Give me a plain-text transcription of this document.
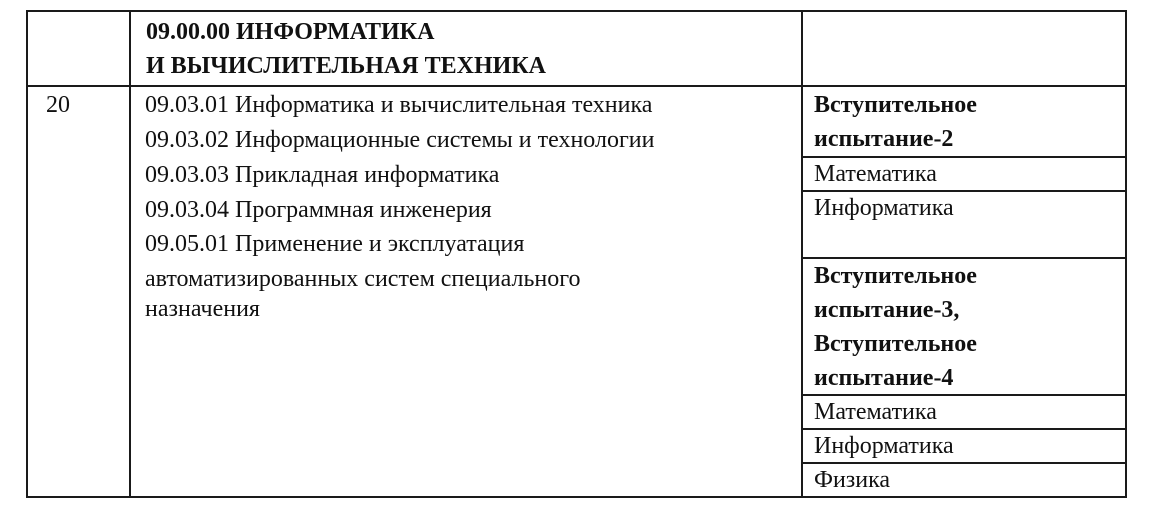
09.00.00 ИНФОРМАТИКА
И ВЫЧИСЛИТЕЛЬНАЯ ТЕХНИКА
20	09.03.01 Информатика и вычислительная техника
09.03.02 Информационные системы и технологии
09.03.03 Прикладная информатика
09.03.04 Программная инженерия
09.05.01 Применение и эксплуатация
автоматизированных систем специального
назначения
Вступительное
испытание-2
Математика
Информатика
Вступительное
испытание-3,
Вступительное
испытание-4
Математика
Информатика
Физика
